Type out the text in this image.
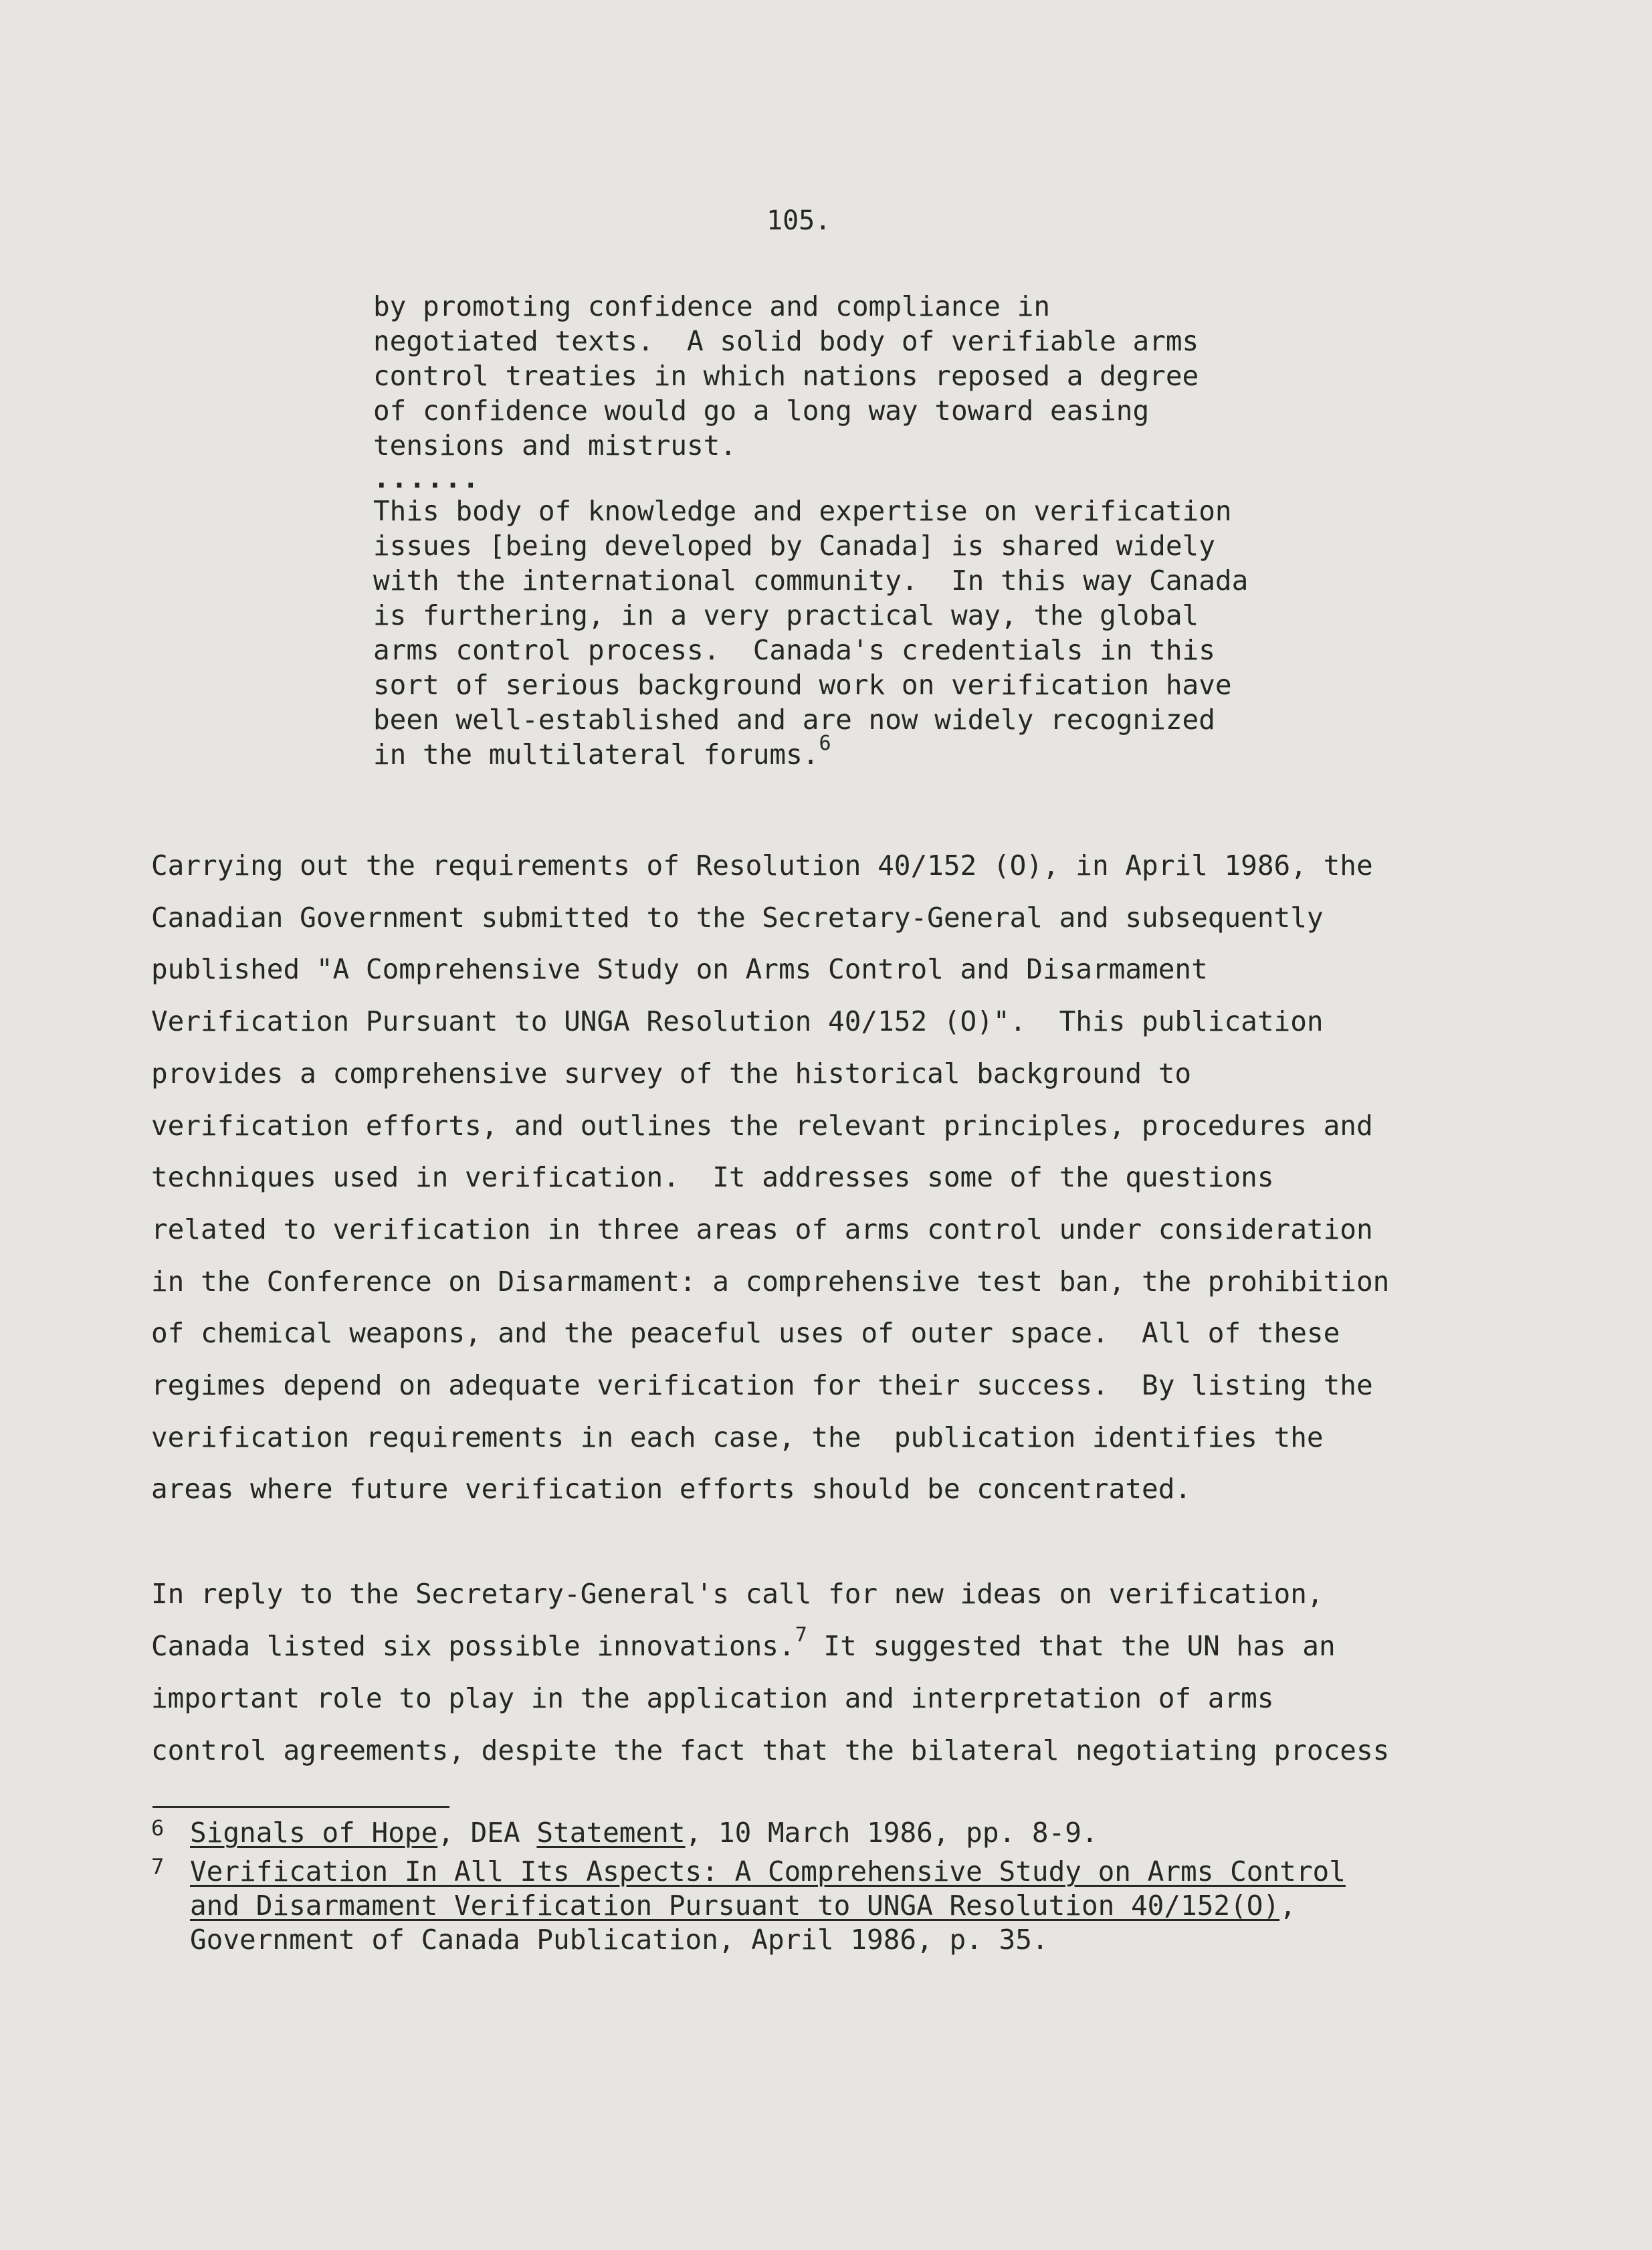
105.
by promoting confidence and compliance in
negotiated texts.  A solid body of verifiable arms
control treaties in which nations reposed a degree
of confidence would go a long way toward easing
tensions and mistrust.
......
This body of knowledge and expertise on verification
issues [being developed by Canada] is shared widely
with the international community.  In this way Canada
is furthering, in a very practical way, the global
arms control process.  Canada's credentials in this
sort of serious background work on verification have
been well-established and are now widely recognized
in the multilateral forums.$^6$
Carrying out the requirements of Resolution 40/152 (O), in April 1986, the
Canadian Government submitted to the Secretary-General and subsequently
published "A Comprehensive Study on Arms Control and Disarmament
Verification Pursuant to UNGA Resolution 40/152 (O)".  This publication
provides a comprehensive survey of the historical background to
verification efforts, and outlines the relevant principles, procedures and
techniques used in verification.  It addresses some of the questions
related to verification in three areas of arms control under consideration
in the Conference on Disarmament: a comprehensive test ban, the prohibition
of chemical weapons, and the peaceful uses of outer space.  All of these
regimes depend on adequate verification for their success.  By listing the
verification requirements in each case, the  publication identifies the
areas where future verification efforts should be concentrated.
In reply to the Secretary-General's call for new ideas on verification,
Canada listed six possible innovations.$^7$ It suggested that the UN has an
important role to play in the application and interpretation of arms
control agreements, despite the fact that the bilateral negotiating process
6 Signals of Hope, DEA Statement, 10 March 1986, pp. 8-9.
7 Verification In All Its Aspects: A Comprehensive Study on Arms Control
and Disarmament Verification Pursuant to UNGA Resolution 40/152(O),
Government of Canada Publication, April 1986, p. 35.
